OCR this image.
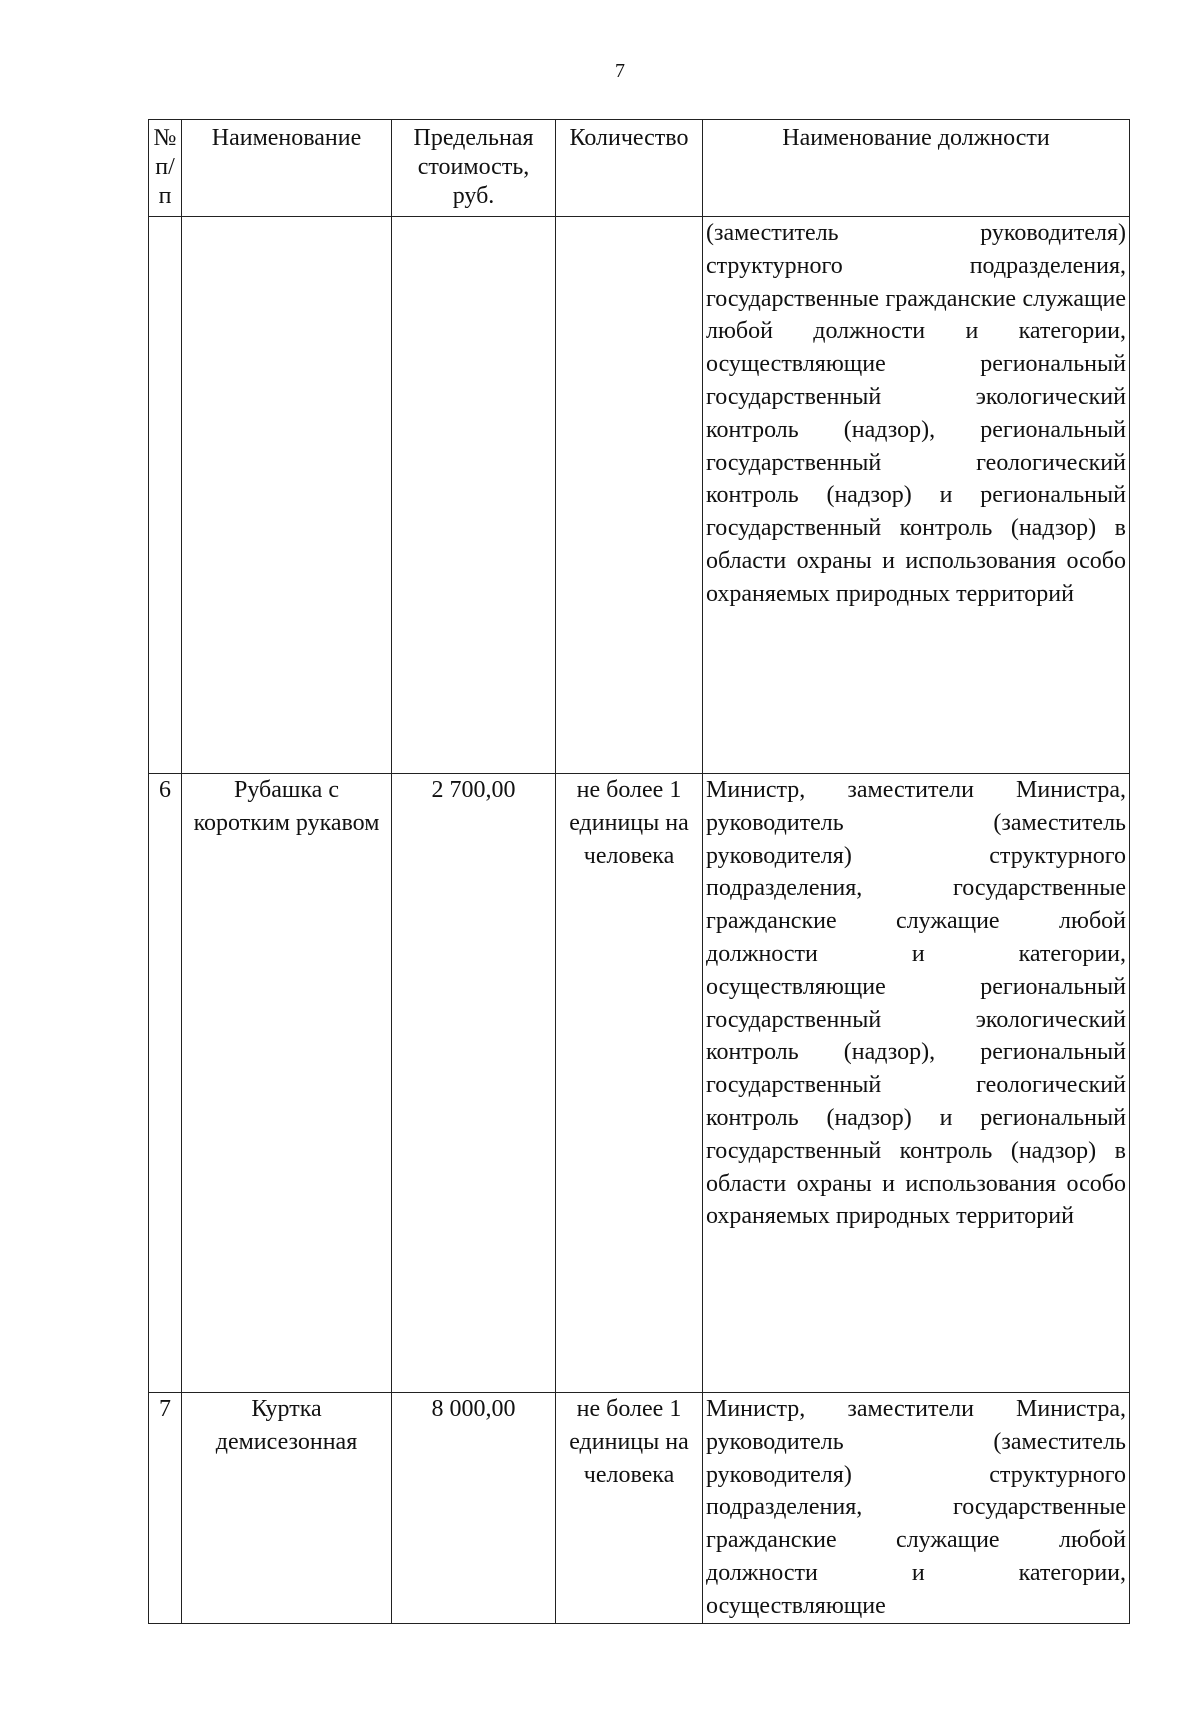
7
№ п/п	Наименование	Предельная стоимость, руб.	Количество	Наименование должности
				(заместитель руководителя) структурного подразделения, государственные гражданские служащие любой должности и категории, осуществляющие региональный государственный экологический контроль (надзор), региональный государственный геологический контроль (надзор) и региональный государственный контроль (надзор) в области охраны и использования особо охраняемых природных территорий
6	Рубашка с коротким рукавом	2 700,00	не более 1 единицы на человека	Министр, заместители Министра, руководитель (заместитель руководителя) структурного подразделения, государственные гражданские служащие любой должности и категории, осуществляющие региональный государственный экологический контроль (надзор), региональный государственный геологический контроль (надзор) и региональный государственный контроль (надзор) в области охраны и использования особо охраняемых природных территорий
7	Куртка демисезонная	8 000,00	не более 1 единицы на человека	Министр, заместители Министра, руководитель (заместитель руководителя) структурного подразделения, государственные гражданские служащие любой должности и категории, осуществляющие
